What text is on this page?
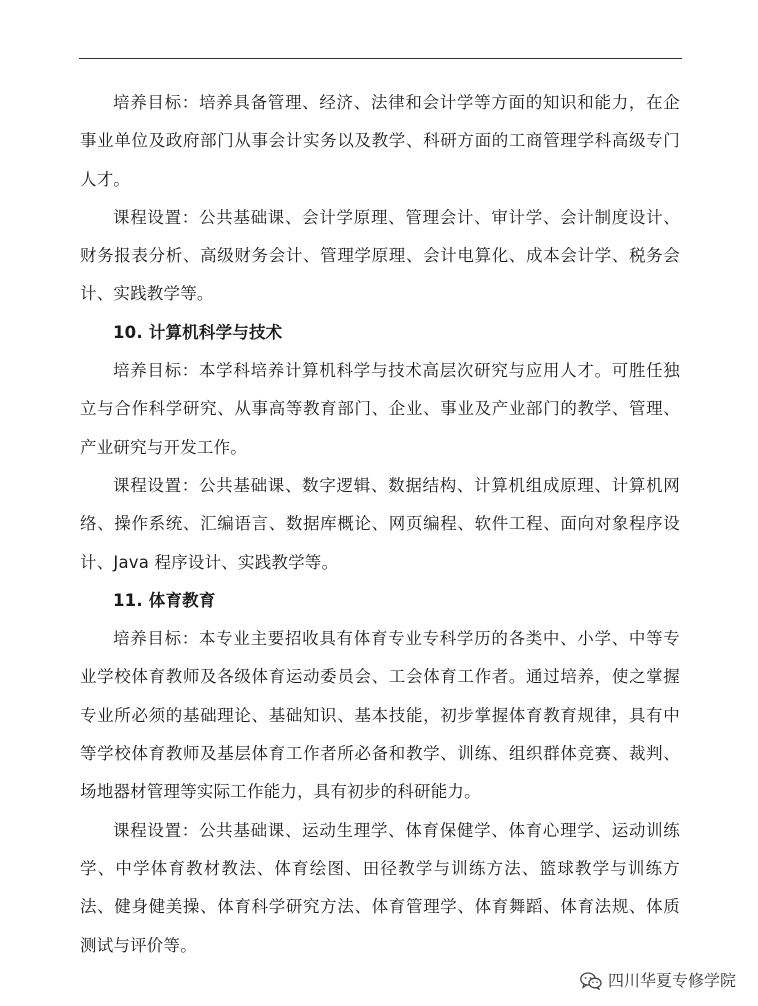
培养目标：培养具备管理、经济、法律和会计学等方面的知识和能力，在企事业单位及政府部门从事会计实务以及教学、科研方面的工商管理学科高级专门人才。

课程设置：公共基础课、会计学原理、管理会计、审计学、会计制度设计、财务报表分析、高级财务会计、管理学原理、会计电算化、成本会计学、税务会计、实践教学等。

10. 计算机科学与技术

培养目标：本学科培养计算机科学与技术高层次研究与应用人才。可胜任独立与合作科学研究、从事高等教育部门、企业、事业及产业部门的教学、管理、产业研究与开发工作。

课程设置：公共基础课、数字逻辑、数据结构、计算机组成原理、计算机网络、操作系统、汇编语言、数据库概论、网页编程、软件工程、面向对象程序设计、Java 程序设计、实践教学等。

11. 体育教育

培养目标：本专业主要招收具有体育专业专科学历的各类中、小学、中等专业学校体育教师及各级体育运动委员会、工会体育工作者。通过培养，使之掌握专业所必须的基础理论、基础知识、基本技能，初步掌握体育教育规律，具有中等学校体育教师及基层体育工作者所必备和教学、训练、组织群体竞赛、裁判、场地器材管理等实际工作能力，具有初步的科研能力。

课程设置：公共基础课、运动生理学、体育保健学、体育心理学、运动训练学、中学体育教材教法、体育绘图、田径教学与训练方法、篮球教学与训练方法、健身健美操、体育科学研究方法、体育管理学、体育舞蹈、体育法规、体质测试与评价等。

四川华夏专修学院
